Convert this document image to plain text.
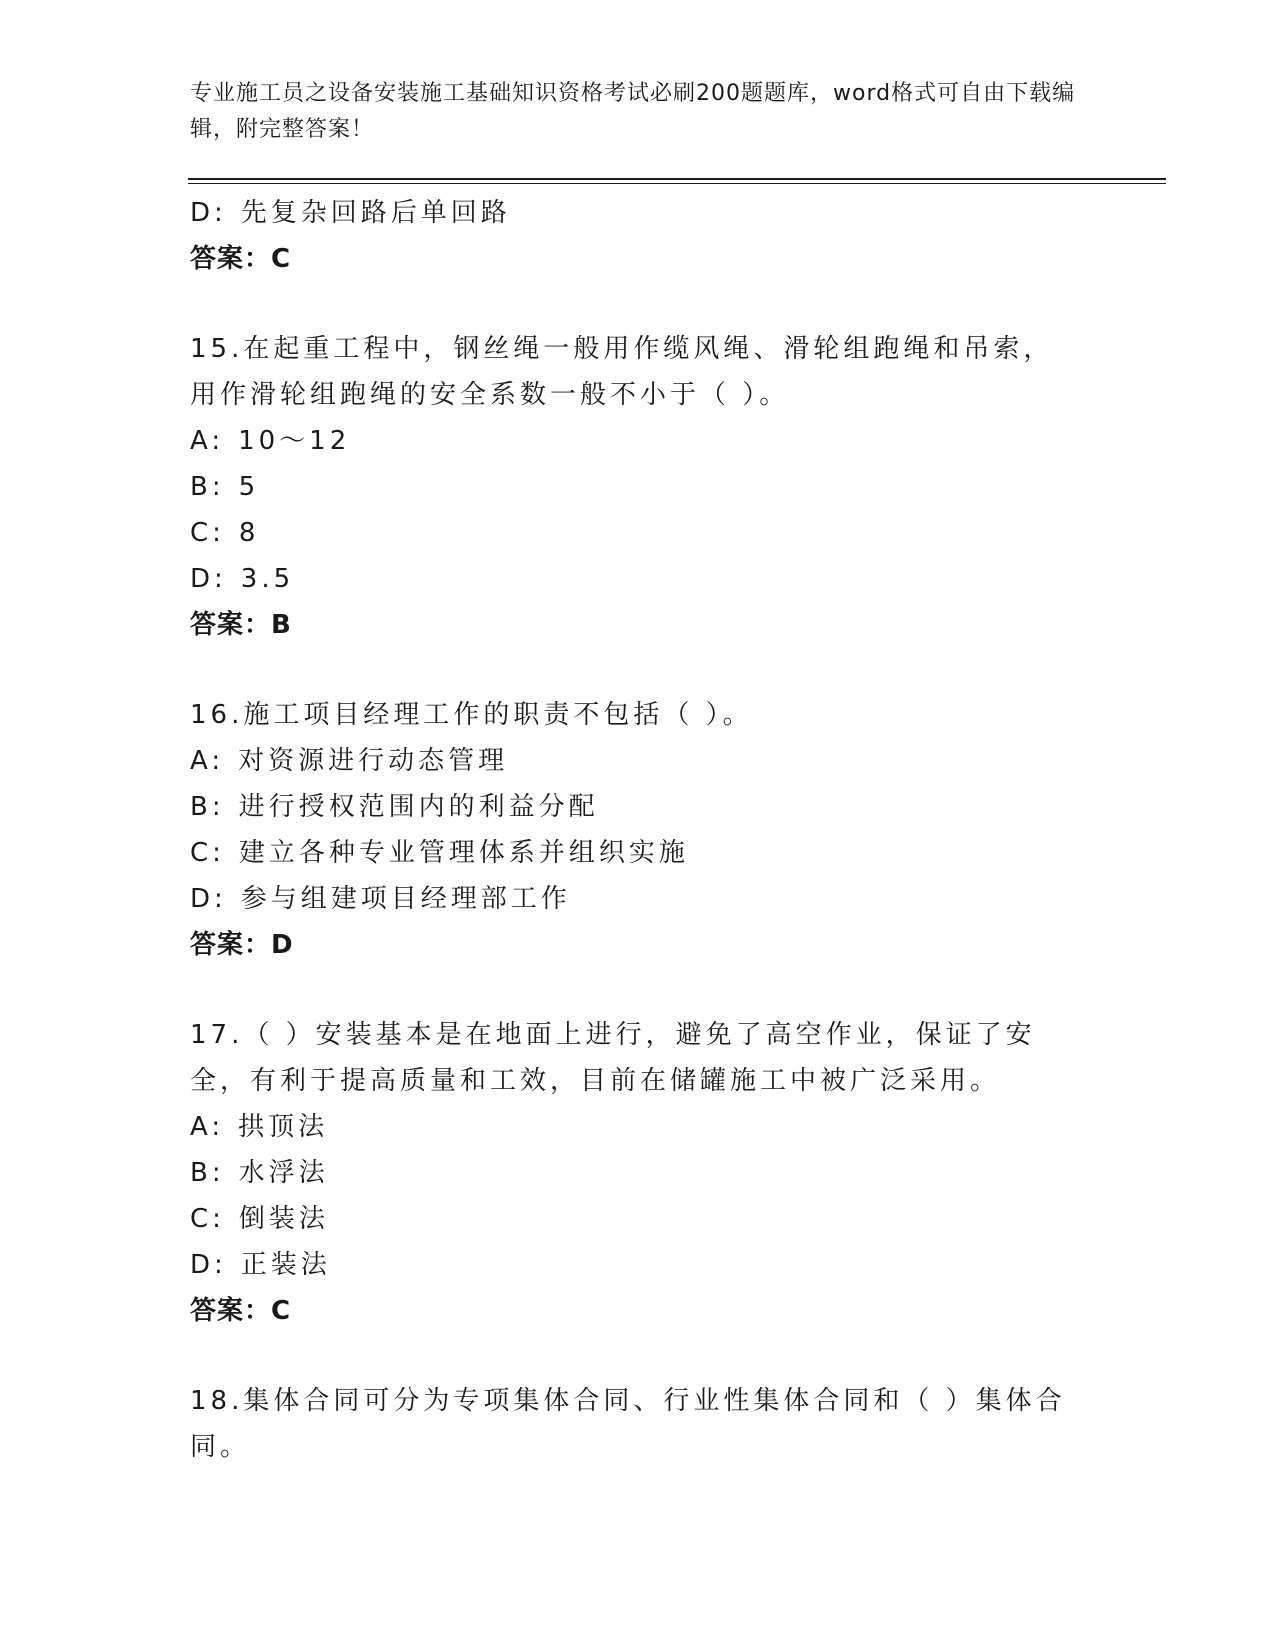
专业施工员之设备安装施工基础知识资格考试必刷200题题库，word格式可自由下载编辑，附完整答案！
D: 先复杂回路后单回路
答案：C
15.在起重工程中，钢丝绳一般用作缆风绳、滑轮组跑绳和吊索，用作滑轮组跑绳的安全系数一般不小于（ ）。
A: 10～12
B: 5
C: 8
D: 3.5
答案：B
16.施工项目经理工作的职责不包括（ ）。
A: 对资源进行动态管理
B: 进行授权范围内的利益分配
C: 建立各种专业管理体系并组织实施
D: 参与组建项目经理部工作
答案：D
17.（ ）安装基本是在地面上进行，避免了高空作业，保证了安全，有利于提高质量和工效，目前在储罐施工中被广泛采用。
A: 拱顶法
B: 水浮法
C: 倒装法
D: 正装法
答案：C
18.集体合同可分为专项集体合同、行业性集体合同和（ ）集体合同。
